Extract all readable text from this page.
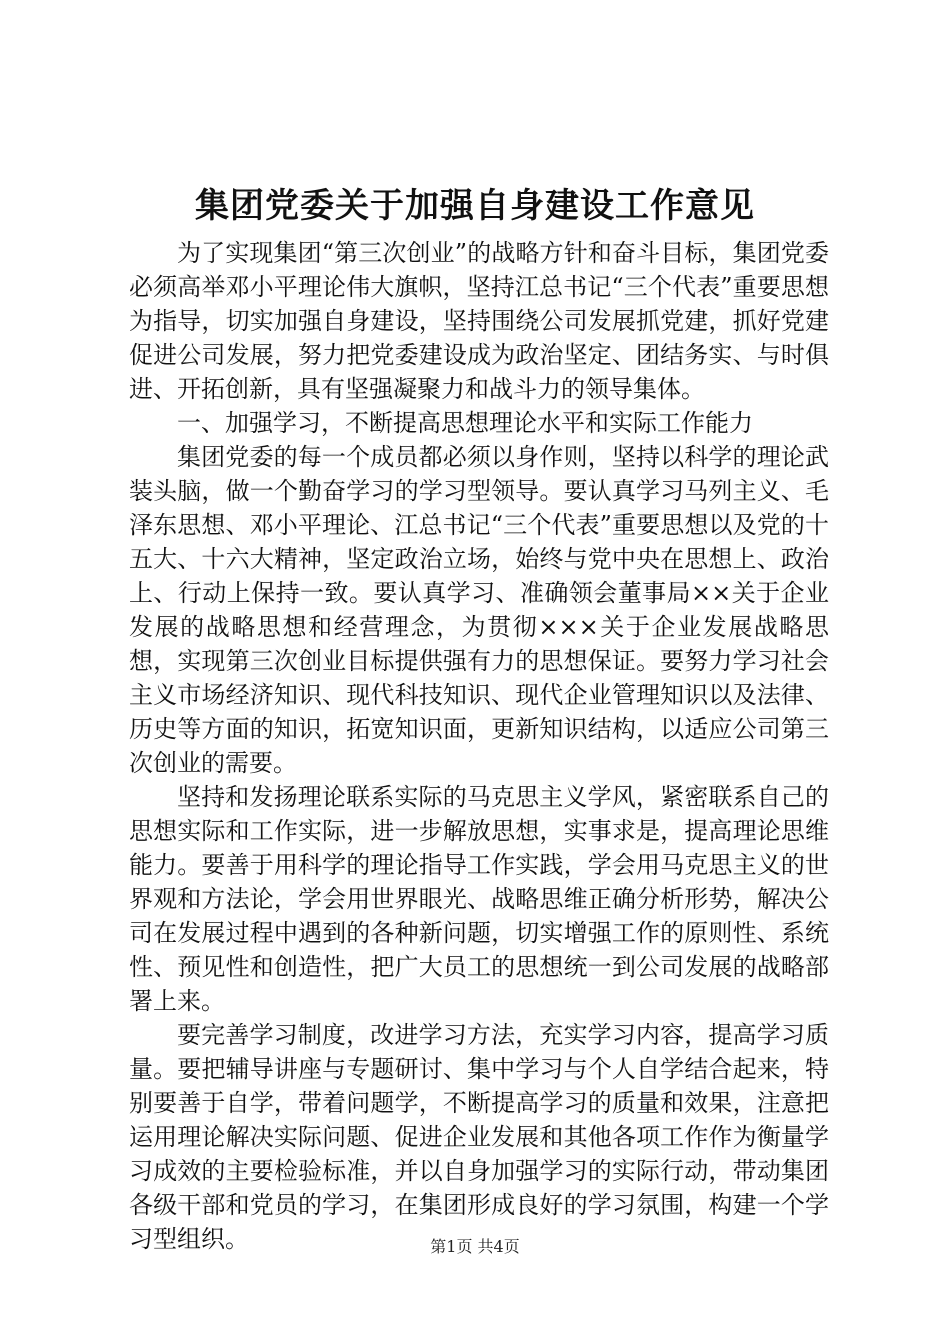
集团党委关于加强自身建设工作意见

为了实现集团“第三次创业”的战略方针和奋斗目标，集团党委必须高举邓小平理论伟大旗帜，坚持江总书记“三个代表”重要思想为指导，切实加强自身建设，坚持围绕公司发展抓党建，抓好党建促进公司发展，努力把党委建设成为政治坚定、团结务实、与时俱进、开拓创新，具有坚强凝聚力和战斗力的领导集体。

一、加强学习，不断提高思想理论水平和实际工作能力

集团党委的每一个成员都必须以身作则，坚持以科学的理论武装头脑，做一个勤奋学习的学习型领导。要认真学习马列主义、毛泽东思想、邓小平理论、江总书记“三个代表”重要思想以及党的十五大、十六大精神，坚定政治立场，始终与党中央在思想上、政治上、行动上保持一致。要认真学习、准确领会董事局××关于企业发展的战略思想和经营理念，为贯彻×××关于企业发展战略思想，实现第三次创业目标提供强有力的思想保证。要努力学习社会主义市场经济知识、现代科技知识、现代企业管理知识以及法律、历史等方面的知识，拓宽知识面，更新知识结构，以适应公司第三次创业的需要。

坚持和发扬理论联系实际的马克思主义学风，紧密联系自己的思想实际和工作实际，进一步解放思想，实事求是，提高理论思维能力。要善于用科学的理论指导工作实践，学会用马克思主义的世界观和方法论，学会用世界眼光、战略思维正确分析形势，解决公司在发展过程中遇到的各种新问题，切实增强工作的原则性、系统性、预见性和创造性，把广大员工的思想统一到公司发展的战略部署上来。

要完善学习制度，改进学习方法，充实学习内容，提高学习质量。要把辅导讲座与专题研讨、集中学习与个人自学结合起来，特别要善于自学，带着问题学，不断提高学习的质量和效果，注意把运用理论解决实际问题、促进企业发展和其他各项工作作为衡量学习成效的主要检验标准，并以自身加强学习的实际行动，带动集团各级干部和党员的学习，在集团形成良好的学习氛围，构建一个学习型组织。	第1页 共4页
